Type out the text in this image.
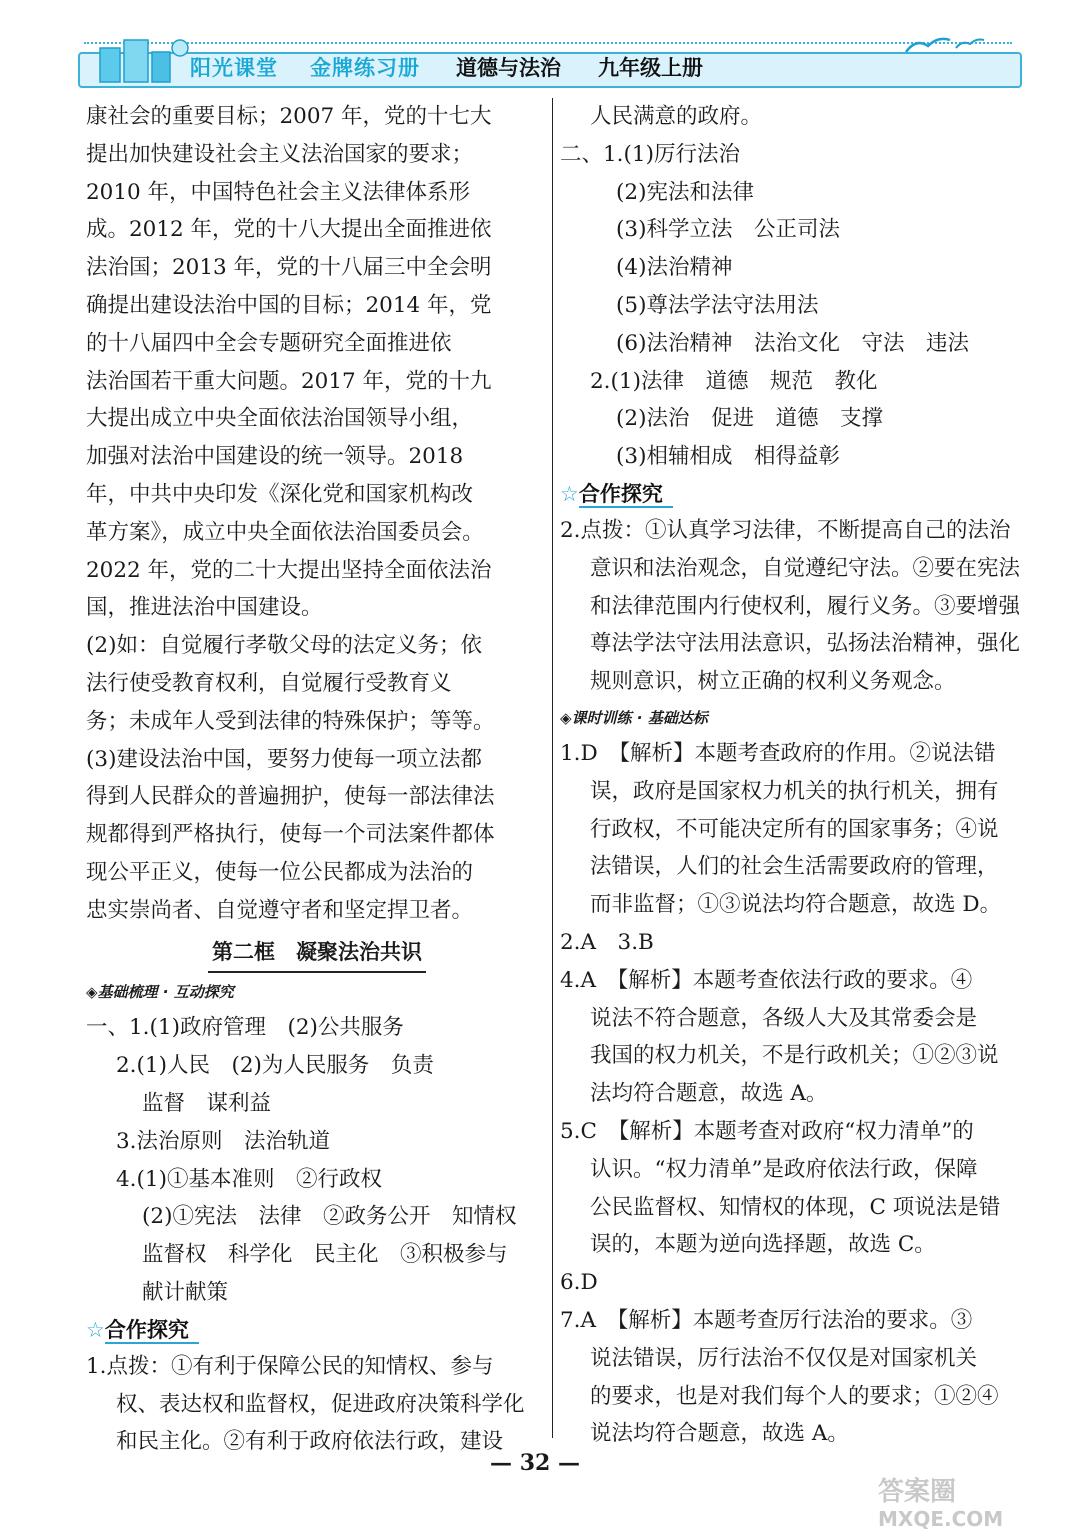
阳光课堂 金牌练习册 道德与法治 九年级上册
康社会的重要目标；2007 年，党的十七大
提出加快建设社会主义法治国家的要求；
2010 年，中国特色社会主义法律体系形
成。2012 年，党的十八大提出全面推进依
法治国；2013 年，党的十八届三中全会明
确提出建设法治中国的目标；2014 年，党
的十八届四中全会专题研究全面推进依
法治国若干重大问题。2017 年，党的十九
大提出成立中央全面依法治国领导小组，
加强对法治中国建设的统一领导。2018
年，中共中央印发《深化党和国家机构改
革方案》，成立中央全面依法治国委员会。
2022 年，党的二十大提出坚持全面依法治
国，推进法治中国建设。
(2)如：自觉履行孝敬父母的法定义务；依
法行使受教育权利，自觉履行受教育义
务；未成年人受到法律的特殊保护；等等。
(3)建设法治中国，要努力使每一项立法都
得到人民群众的普遍拥护，使每一部法律法
规都得到严格执行，使每一个司法案件都体
现公平正义，使每一位公民都成为法治的
忠实崇尚者、自觉遵守者和坚定捍卫者。
第二框　凝聚法治共识
◈基础梳理 · 互动探究
一、1.(1)政府管理　(2)公共服务
2.(1)人民　(2)为人民服务　负责
监督　谋利益
3.法治原则　法治轨道
4.(1)①基本准则　②行政权
(2)①宪法　法律　②政务公开　知情权
监督权　科学化　民主化　③积极参与
献计献策
☆合作探究
1.点拨：①有利于保障公民的知情权、参与
权、表达权和监督权，促进政府决策科学化
和民主化。②有利于政府依法行政，建设
人民满意的政府。
二、1.(1)厉行法治
(2)宪法和法律
(3)科学立法　公正司法
(4)法治精神
(5)尊法学法守法用法
(6)法治精神　法治文化　守法　违法
2.(1)法律　道德　规范　教化
(2)法治　促进　道德　支撑
(3)相辅相成　相得益彰
☆合作探究
2.点拨：①认真学习法律，不断提高自己的法治
意识和法治观念，自觉遵纪守法。②要在宪法
和法律范围内行使权利，履行义务。③要增强
尊法学法守法用法意识，弘扬法治精神，强化
规则意识，树立正确的权利义务观念。
◈课时训练 · 基础达标
1.D　【解析】本题考查政府的作用。②说法错
误，政府是国家权力机关的执行机关，拥有
行政权，不可能决定所有的国家事务；④说
法错误，人们的社会生活需要政府的管理，
而非监督；①③说法均符合题意，故选 D。
2.A　3.B
4.A　【解析】本题考查依法行政的要求。④
说法不符合题意，各级人大及其常委会是
我国的权力机关，不是行政机关；①②③说
法均符合题意，故选 A。
5.C　【解析】本题考查对政府“权力清单”的
认识。“权力清单”是政府依法行政，保障
公民监督权、知情权的体现，C 项说法是错
误的，本题为逆向选择题，故选 C。
6.D
7.A　【解析】本题考查厉行法治的要求。③
说法错误，厉行法治不仅仅是对国家机关
的要求，也是对我们每个人的要求；①②④
说法均符合题意，故选 A。
— 32 —
答案圈
MXQE.COM
